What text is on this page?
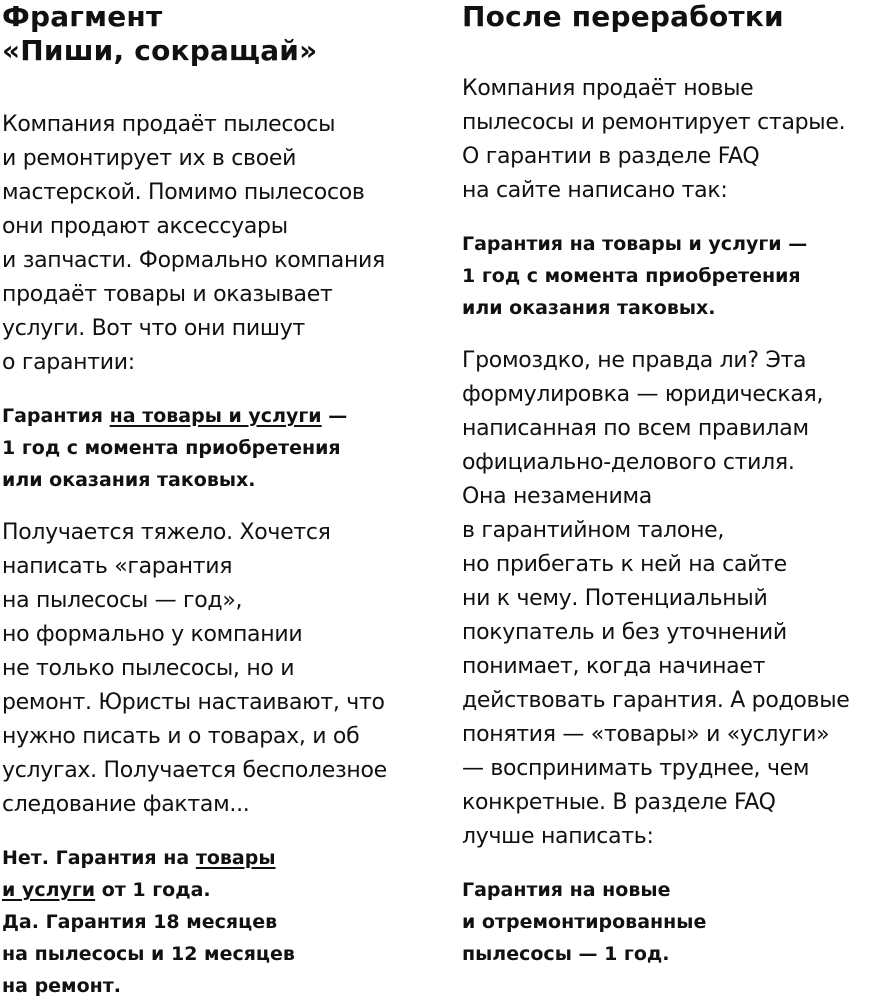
Фрагмент
«Пиши, сокращай»

Компания продаёт пылесосы
и ремонтирует их в своей
мастерской. Помимо пылесосов
они продают аксессуары
и запчасти. Формально компания
продаёт товары и оказывает
услуги. Вот что они пишут
о гарантии:

Гарантия на товары и услуги —
1 год с момента приобретения
или оказания таковых.

Получается тяжело. Хочется
написать «гарантия
на пылесосы — год»,
но формально у компании
не только пылесосы, но и
ремонт. Юристы настаивают, что
нужно писать и о товарах, и об
услугах. Получается бесполезное
следование фактам...

Нет. Гарантия на товары
и услуги от 1 года.
Да. Гарантия 18 месяцев
на пылесосы и 12 месяцев
на ремонт.

После переработки

Компания продаёт новые
пылесосы и ремонтирует старые.
О гарантии в разделе FAQ
на сайте написано так:

Гарантия на товары и услуги —
1 год с момента приобретения
или оказания таковых.

Громоздко, не правда ли? Эта
формулировка — юридическая,
написанная по всем правилам
официально-делового стиля.
Она незаменима
в гарантийном талоне,
но прибегать к ней на сайте
ни к чему. Потенциальный
покупатель и без уточнений
понимает, когда начинает
действовать гарантия. А родовые
понятия — «товары» и «услуги»
— воспринимать труднее, чем
конкретные. В разделе FAQ
лучше написать:

Гарантия на новые
и отремонтированные
пылесосы — 1 год.
